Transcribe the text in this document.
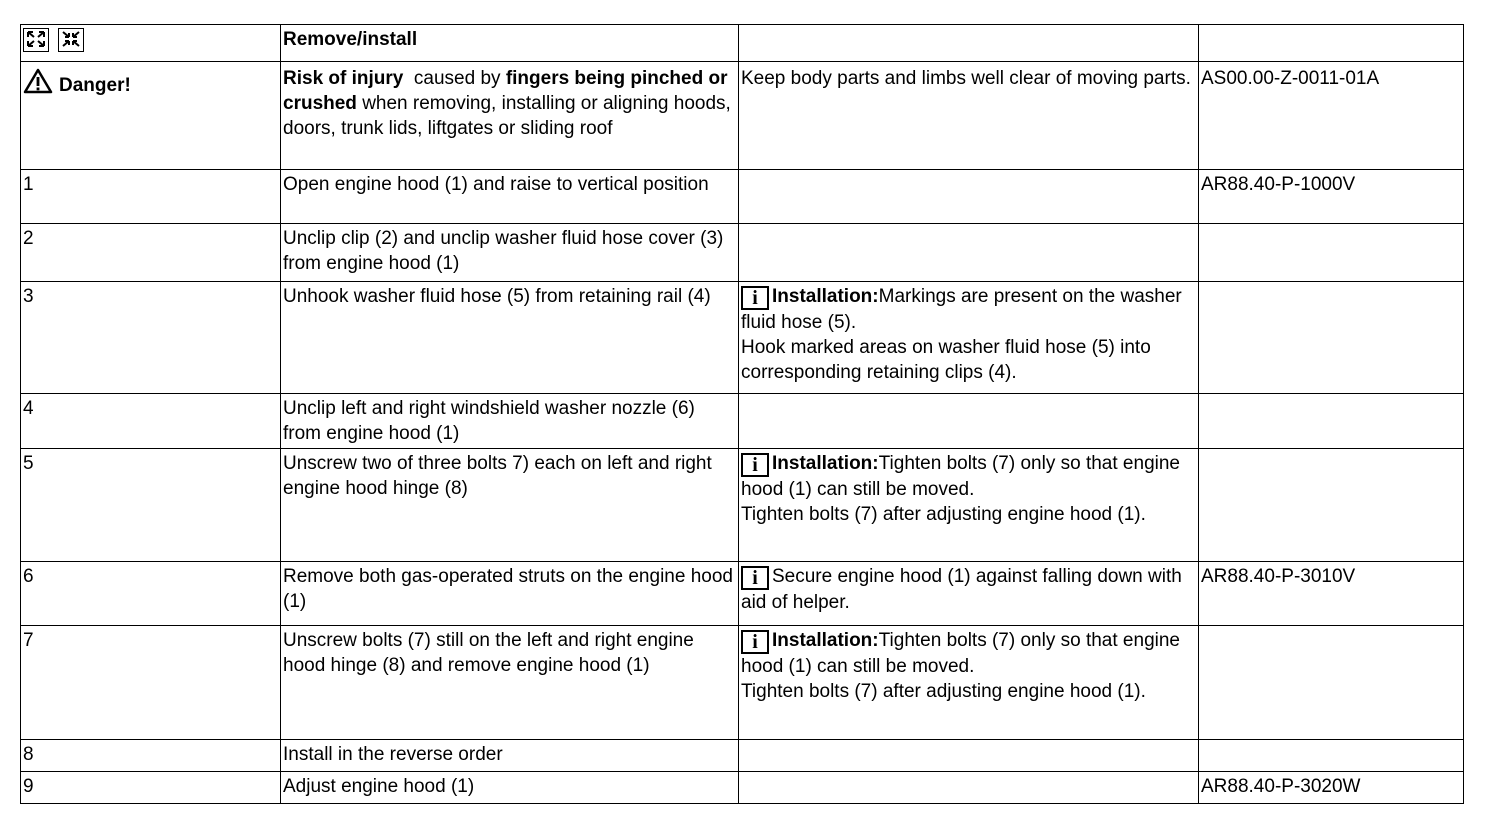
	Remove/install		
Danger!	Risk of injury  caused by fingers being pinched or crushed when removing, installing or aligning hoods, doors, trunk lids, liftgates or sliding roof	Keep body parts and limbs well clear of moving parts.	AS00.00-Z-0011-01A
1	Open engine hood (1) and raise to vertical position		AR88.40-P-1000V
2	Unclip clip (2) and unclip washer fluid hose cover (3) from engine hood (1)		
3	Unhook washer fluid hose (5) from retaining rail (4)	i Installation:Markings are present on the washer fluid hose (5).
Hook marked areas on washer fluid hose (5) into corresponding retaining clips (4).	
4	Unclip left and right windshield washer nozzle (6) from engine hood (1)		
5	Unscrew two of three bolts 7) each on left and right engine hood hinge (8)	i Installation:Tighten bolts (7) only so that engine hood (1) can still be moved.
Tighten bolts (7) after adjusting engine hood (1).	
6	Remove both gas-operated struts on the engine hood (1)	i Secure engine hood (1) against falling down with aid of helper.	AR88.40-P-3010V
7	Unscrew bolts (7) still on the left and right engine hood hinge (8) and remove engine hood (1)	i Installation:Tighten bolts (7) only so that engine hood (1) can still be moved.
Tighten bolts (7) after adjusting engine hood (1).	
8	Install in the reverse order		
9	Adjust engine hood (1)		AR88.40-P-3020W
